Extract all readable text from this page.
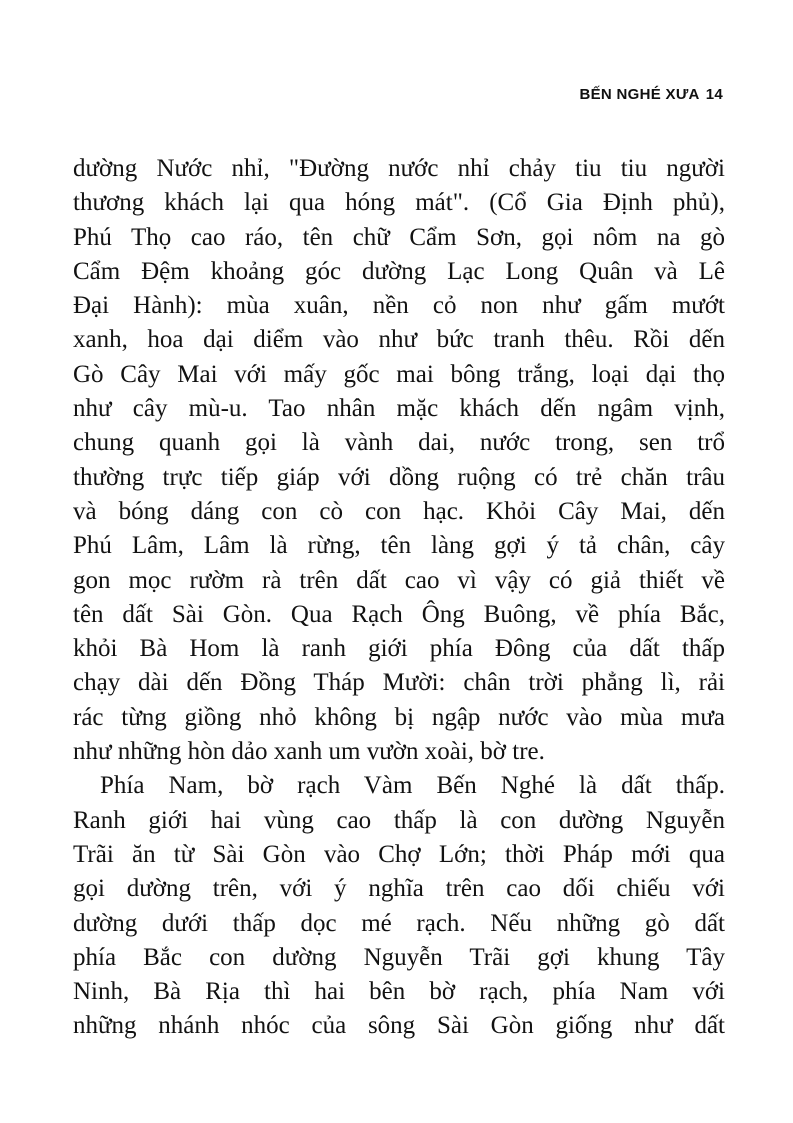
BẾN NGHÉ XƯA 14
dường Nước nhỉ, "Đường nước nhỉ chảy tiu tiu người
thương khách lại qua hóng mát". (Cổ Gia Định phủ),
Phú Thọ cao ráo, tên chữ Cẩm Sơn, gọi nôm na gò
Cẩm Đệm khoảng góc dường Lạc Long Quân và Lê
Đại Hành): mùa xuân, nền cỏ non như gấm mướt
xanh, hoa dại diểm vào như bức tranh thêu. Rồi dến
Gò Cây Mai với mấy gốc mai bông trắng, loại dại thọ
như cây mù-u. Tao nhân mặc khách dến ngâm vịnh,
chung quanh gọi là vành dai, nước trong, sen trổ
thường trực tiếp giáp với dồng ruộng có trẻ chăn trâu
và bóng dáng con cò con hạc. Khỏi Cây Mai, dến
Phú Lâm, Lâm là rừng, tên làng gợi ý tả chân, cây
gon mọc rườm rà trên dất cao vì vậy có giả thiết về
tên dất Sài Gòn. Qua Rạch Ông Buông, về phía Bắc,
khỏi Bà Hom là ranh giới phía Đông của dất thấp
chạy dài dến Đồng Tháp Mười: chân trời phẳng lì, rải
rác từng giồng nhỏ không bị ngập nước vào mùa mưa
như những hòn dảo xanh um vườn xoài, bờ tre.
Phía Nam, bờ rạch Vàm Bến Nghé là dất thấp.
Ranh giới hai vùng cao thấp là con dường Nguyễn
Trãi ăn từ Sài Gòn vào Chợ Lớn; thời Pháp mới qua
gọi dường trên, với ý nghĩa trên cao dối chiếu với
dường dưới thấp dọc mé rạch. Nếu những gò dất
phía Bắc con dường Nguyễn Trãi gợi khung Tây
Ninh, Bà Rịa thì hai bên bờ rạch, phía Nam với
những nhánh nhóc của sông Sài Gòn giống như dất
